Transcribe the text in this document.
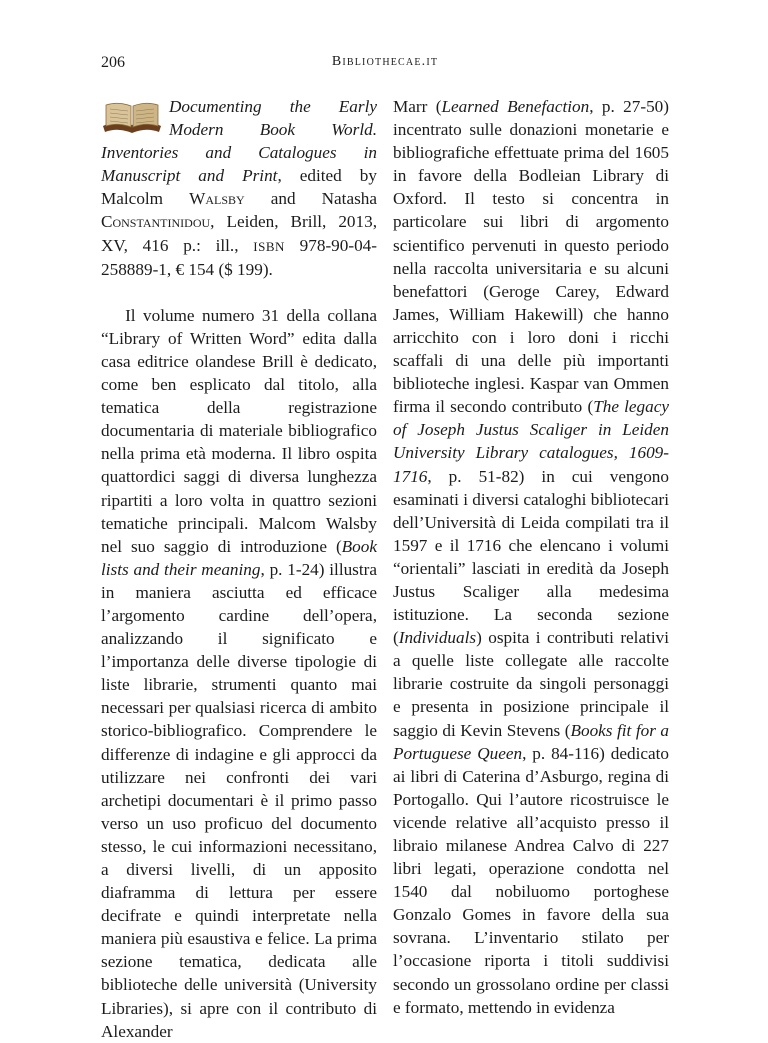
206	Bibliothecae.it

Documenting the Early Modern Book World. Inventories and Catalogues in Manuscript and Print, edited by Malcolm Walsby and Natasha Constantinidou, Leiden, Brill, 2013, XV, 416 p.: ill., ISBN 978-90-04-258889-1, € 154 ($ 199).

Il volume numero 31 della collana “Library of Written Word” edita dalla casa editrice olandese Brill è dedicato, come ben esplicato dal titolo, alla tematica della registrazione documentaria di materiale bibliografico nella prima età moderna. Il libro ospita quattordici saggi di diversa lunghezza ripartiti a loro volta in quattro sezioni tematiche principali. Malcom Walsby nel suo saggio di introduzione (Book lists and their meaning, p. 1-24) illustra in maniera asciutta ed efficace l’argomento cardine dell’opera, analizzando il significato e l’importanza delle diverse tipologie di liste librarie, strumenti quanto mai necessari per qualsiasi ricerca di ambito storico-bibliografico. Comprendere le differenze di indagine e gli approcci da utilizzare nei confronti dei vari archetipi documentari è il primo passo verso un uso proficuo del documento stesso, le cui informazioni necessitano, a diversi livelli, di un apposito diaframma di lettura per essere decifrate e quindi interpretate nella maniera più esaustiva e felice. La prima sezione tematica, dedicata alle biblioteche delle università (University Libraries), si apre con il contributo di Alexander

Marr (Learned Benefaction, p. 27-50) incentrato sulle donazioni monetarie e bibliografiche effettuate prima del 1605 in favore della Bodleian Library di Oxford. Il testo si concentra in particolare sui libri di argomento scientifico pervenuti in questo periodo nella raccolta universitaria e su alcuni benefattori (Geroge Carey, Edward James, William Hakewill) che hanno arricchito con i loro doni i ricchi scaffali di una delle più importanti biblioteche inglesi. Kaspar van Ommen firma il secondo contributo (The legacy of Joseph Justus Scaliger in Leiden University Library catalogues, 1609-1716, p. 51-82) in cui vengono esaminati i diversi cataloghi bibliotecari dell’Università di Leida compilati tra il 1597 e il 1716 che elencano i volumi “orientali” lasciati in eredità da Joseph Justus Scaliger alla medesima istituzione. La seconda sezione (Individuals) ospita i contributi relativi a quelle liste collegate alle raccolte librarie costruite da singoli personaggi e presenta in posizione principale il saggio di Kevin Stevens (Books fit for a Portuguese Queen, p. 84-116) dedicato ai libri di Caterina d’Asburgo, regina di Portogallo. Qui l’autore ricostruisce le vicende relative all’acquisto presso il libraio milanese Andrea Calvo di 227 libri legati, operazione condotta nel 1540 dal nobiluomo portoghese Gonzalo Gomes in favore della sua sovrana. L’inventario stilato per l’occasione riporta i titoli suddivisi secondo un grossolano ordine per classi e formato, mettendo in evidenza
